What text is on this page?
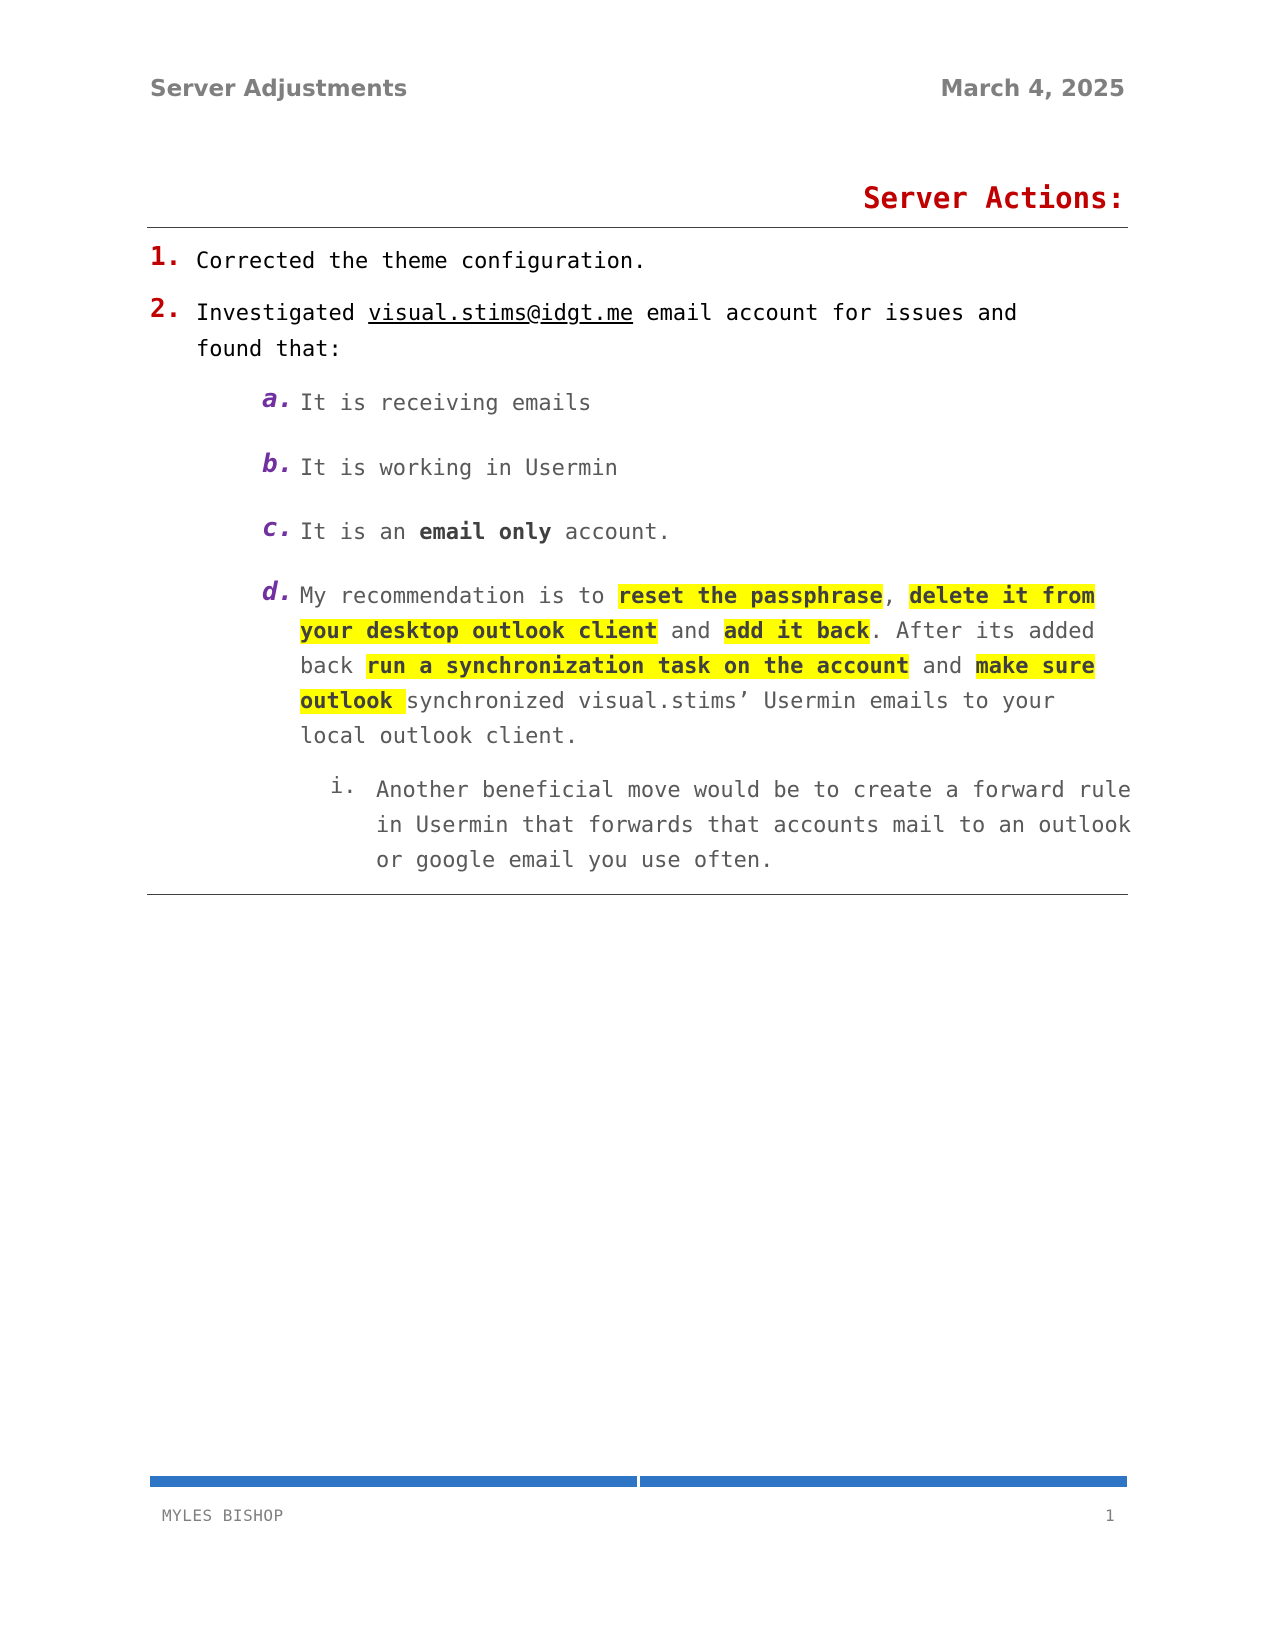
Server Adjustments	March 4, 2025
Server Actions:
1. Corrected the theme configuration.
2. Investigated visual.stims@idgt.me email account for issues and found that:
a. It is receiving emails
b. It is working in Usermin
c. It is an email only account.
d. My recommendation is to reset the passphrase, delete it from your desktop outlook client and add it back. After its added back run a synchronization task on the account and make sure outlook synchronized visual.stims’ Usermin emails to your local outlook client.
i. Another beneficial move would be to create a forward rule in Usermin that forwards that accounts mail to an outlook or google email you use often.
MYLES BISHOP	1
